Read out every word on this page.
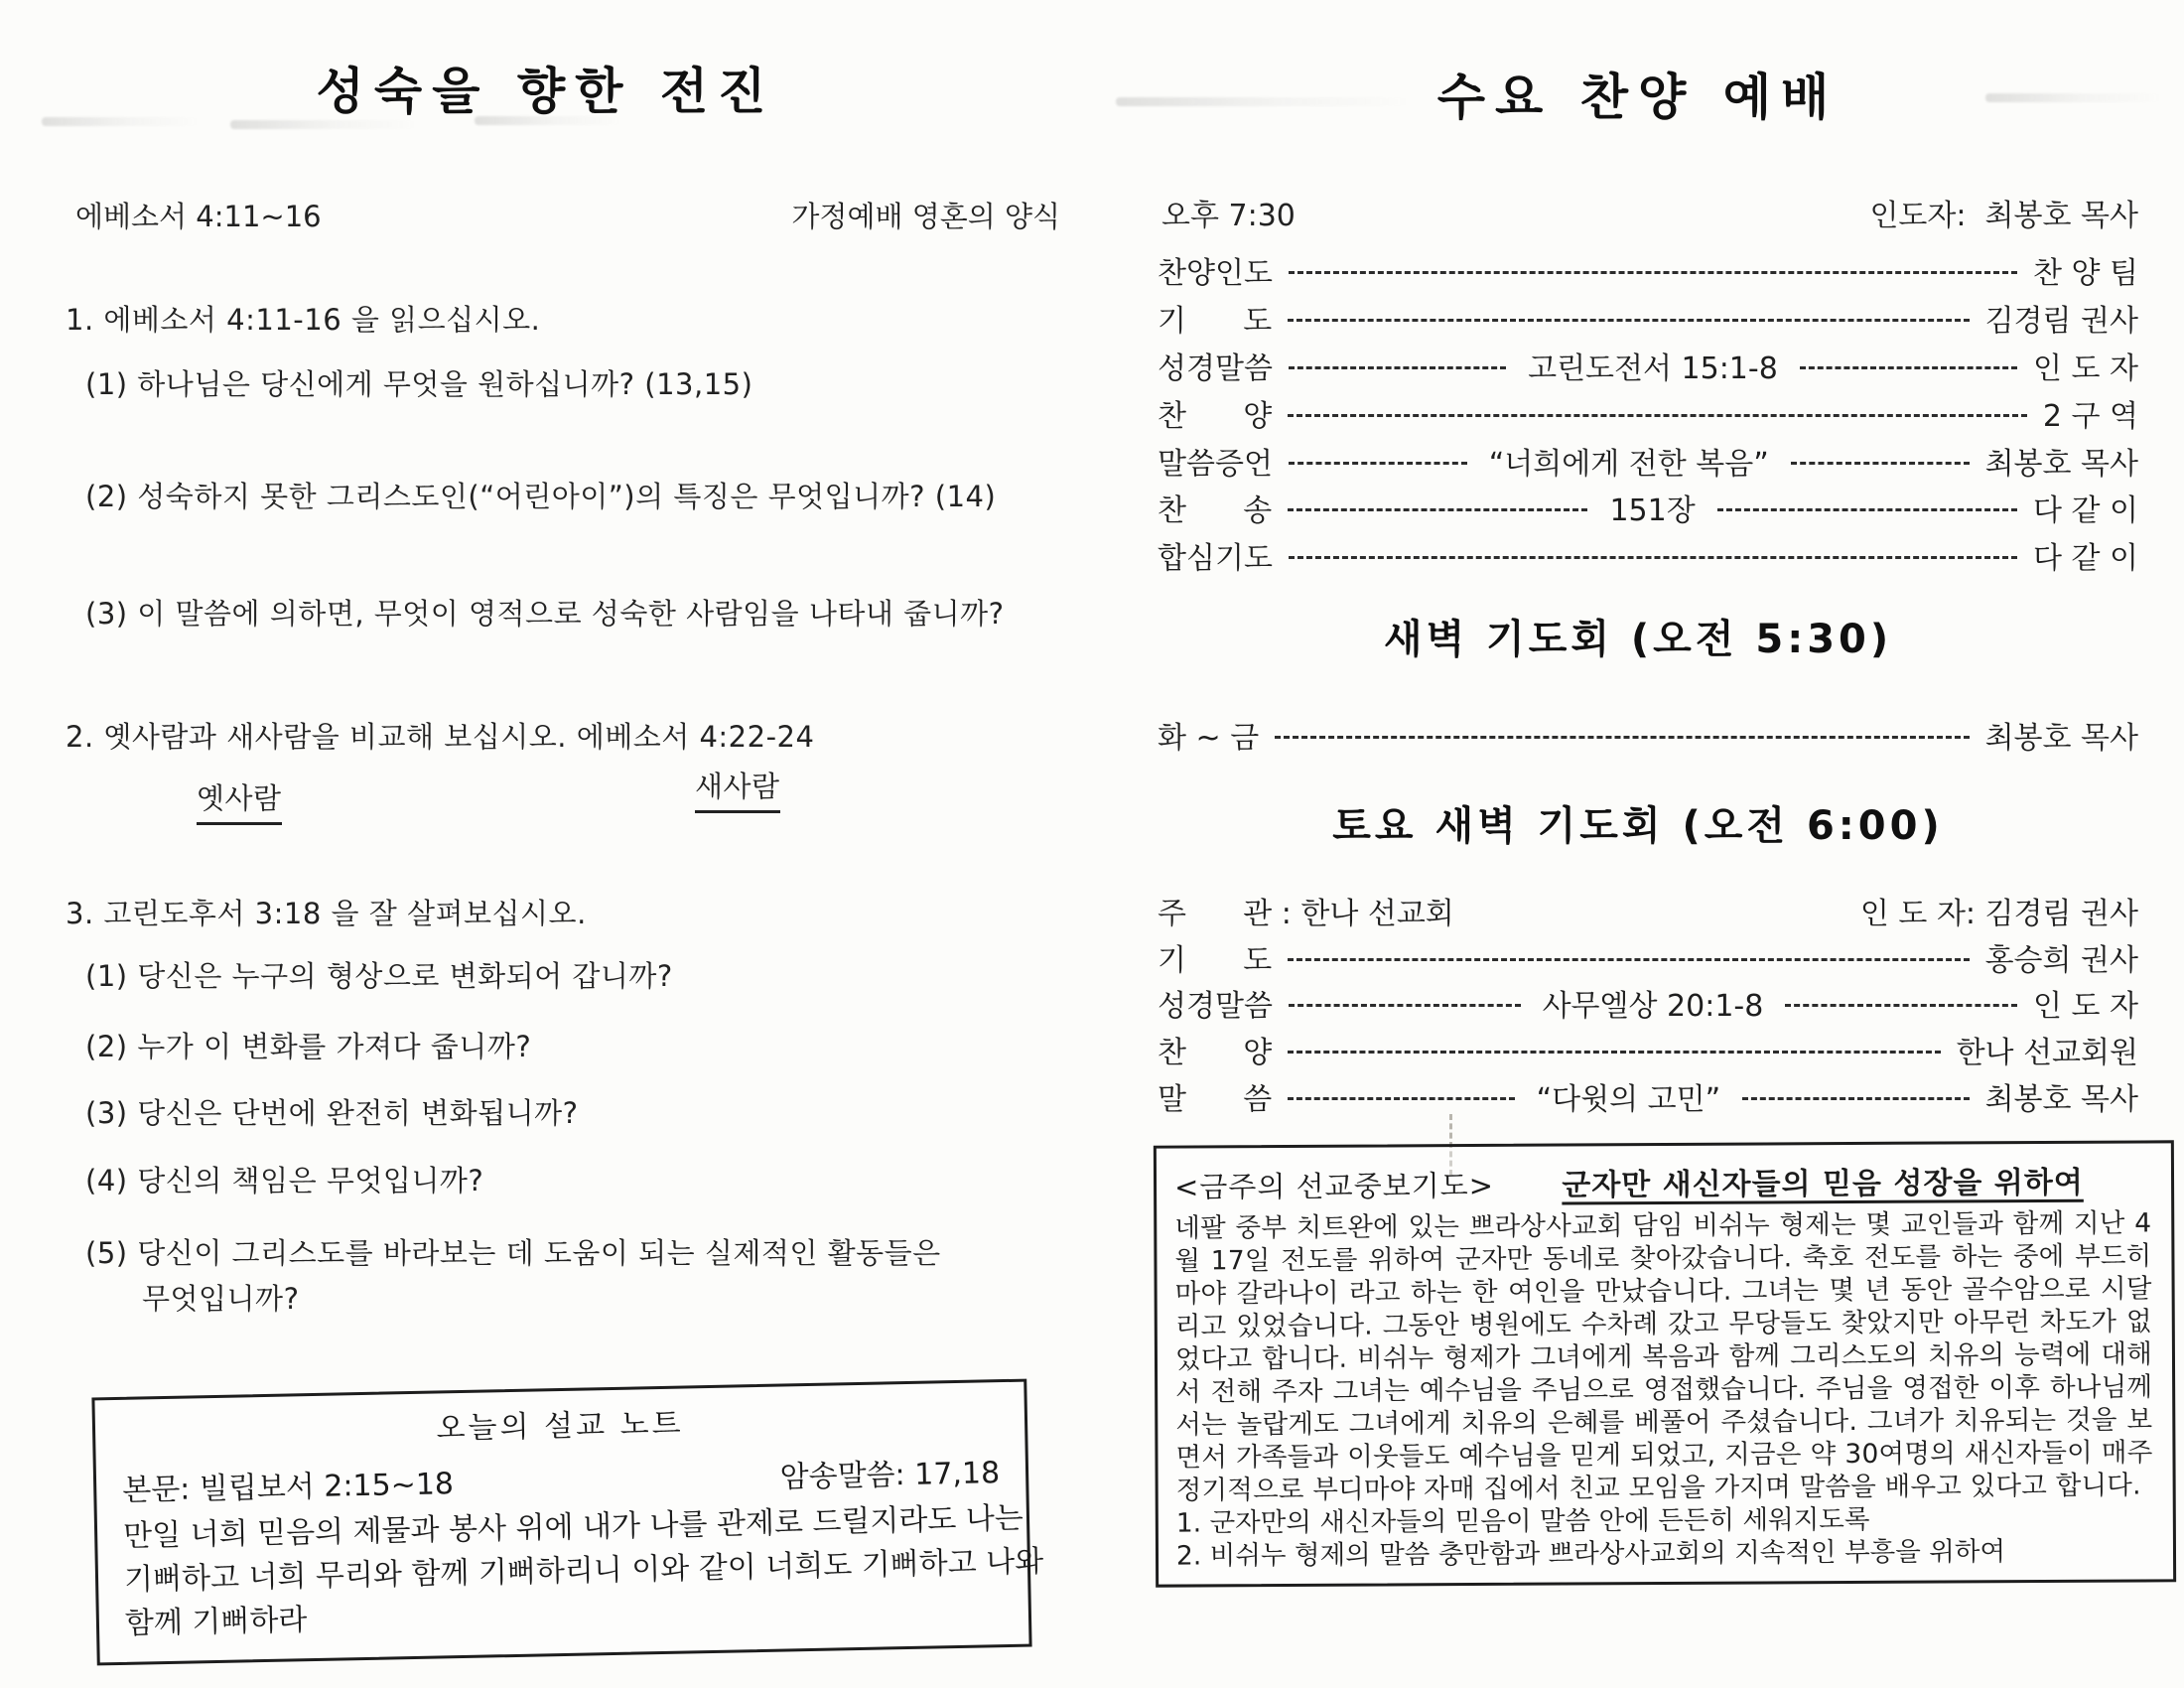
성숙을 향한 전진
에베소서 4:11~16	가정예배 영혼의 양식
1. 에베소서 4:11-16 을 읽으십시오.
(1) 하나님은 당신에게 무엇을 원하십니까? (13,15)
(2) 성숙하지 못한 그리스도인(“어린아이”)의 특징은 무엇입니까? (14)
(3) 이 말씀에 의하면, 무엇이 영적으로 성숙한 사람임을 나타내 줍니까?
2. 옛사람과 새사람을 비교해 보십시오. 에베소서 4:22-24
옛사람	새사람
3. 고린도후서 3:18 을 잘 살펴보십시오.
(1) 당신은 누구의 형상으로 변화되어 갑니까?
(2) 누가 이 변화를 가져다 줍니까?
(3) 당신은 단번에 완전히 변화됩니까?
(4) 당신의 책임은 무엇입니까?
(5) 당신이 그리스도를 바라보는 데 도움이 되는 실제적인 활동들은
무엇입니까?
오늘의 설교 노트
본문: 빌립보서 2:15~18	암송말씀: 17,18
만일 너희 믿음의 제물과 봉사 위에 내가 나를 관제로 드릴지라도 나는
기뻐하고 너희 무리와 함께 기뻐하리니 이와 같이 너희도 기뻐하고 나와
함께 기뻐하라
수요 찬양 예배
오후 7:30	인도자:  최봉호 목사
찬양인도	찬 양 팀
기      도	김경림 권사
성경말씀	고린도전서 15:1-8	인 도 자
찬      양	2 구 역
말씀증언	“너희에게 전한 복음”	최봉호 목사
찬      송	151장	다 같 이
합심기도	다 같 이
새벽 기도회 (오전 5:30)
화 ~ 금	최봉호 목사
토요 새벽 기도회 (오전 6:00)
주      관 : 한나 선교회	인 도 자: 김경림 권사
기      도	홍승희 권사
성경말씀	사무엘상 20:1-8	인 도 자
찬      양	한나 선교회원
말      씀	“다윗의 고민”	최봉호 목사
<금주의 선교중보기도>	군자만 새신자들의 믿음 성장을 위하여
네팔 중부 치트완에 있는 쁘라상사교회 담임 비쉬누 형제는 몇 교인들과 함께 지난 4월 17일 전도를 위하여 군자만 동네로 찾아갔습니다. 축호 전도를 하는 중에 부드히마야 갈라나이 라고 하는 한 여인을 만났습니다. 그녀는 몇 년 동안 골수암으로 시달리고 있었습니다. 그동안 병원에도 수차례 갔고 무당들도 찾았지만 아무런 차도가 없었다고 합니다. 비쉬누 형제가 그녀에게 복음과 함께 그리스도의 치유의 능력에 대해서 전해 주자 그녀는 예수님을 주님으로 영접했습니다. 주님을 영접한 이후 하나님께서는 놀랍게도 그녀에게 치유의 은혜를 베풀어 주셨습니다. 그녀가 치유되는 것을 보면서 가족들과 이웃들도 예수님을 믿게 되었고, 지금은 약 30여명의 새신자들이 매주 정기적으로 부디마야 자매 집에서 친교 모임을 가지며 말씀을 배우고 있다고 합니다.
1. 군자만의 새신자들의 믿음이 말씀 안에 든든히 세워지도록
2. 비쉬누 형제의 말씀 충만함과 쁘라상사교회의 지속적인 부흥을 위하여
